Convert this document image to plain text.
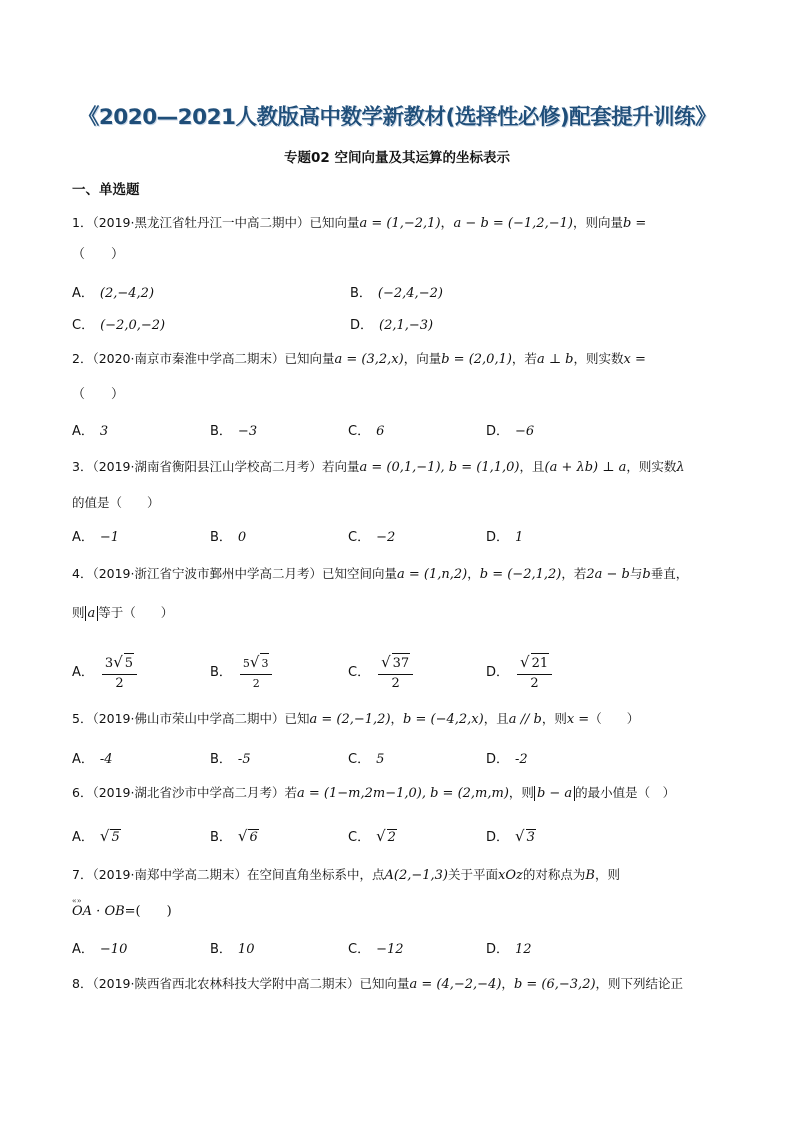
《2020—2021人教版高中数学新教材(选择性必修)配套提升训练》
专题02 空间向量及其运算的坐标表示
一、单选题
1．（2019·黑龙江省牡丹江一中高二期中）已知向量a = (1,−2,1)，a − b = (−1,2,−1)，则向量b =
（　　）
A． (2,−4,2)	B． (−2,4,−2)
C． (−2,0,−2)	D． (2,1,−3)
2．（2020·南京市秦淮中学高二期末）已知向量a = (3,2,x)，向量b = (2,0,1)，若a ⊥ b，则实数x =
（　　）
A． 3	B． −3	C． 6	D． −6
3．（2019·湖南省衡阳县江山学校高二月考）若向量a = (0,1,−1), b = (1,1,0)，且(a + λb) ⊥ a，则实数λ
的值是（　　）
A． −1	B． 0	C． −2	D． 1
4．（2019·浙江省宁波市鄞州中学高二月考）已知空间向量a = (1,n,2)，b = (−2,1,2)，若2a − b与b垂直，
则 a 等于（　　）
A． $\frac{3√ 5}{2}$	B． $\frac{5√ 3}{2}$	C． $\frac{√ 37}{2}$	D． $\frac{√ 21}{2}$
5．（2019·佛山市荣山中学高二期中）已知a = (2,−1,2)，b = (−4,2,x)，且a // b，则x =（　　）
A． -4	B． -5	C． 5	D． -2
6．（2019·湖北省沙市中学高二月考）若a = (1−m,2m−1,0), b = (2,m,m)，则 b − a 的最小值是（　）
A． √ 5	B． √ 6	C． √ 2	D． √ 3
7．（2019·南郑中学高二期末）在空间直角坐标系中，点A(2,−1,3)关于平面xOz的对称点为B，则
‹‹ ›› OA · OB=(　　)
A． −10	B． 10	C． −12	D． 12
8．（2019·陕西省西北农林科技大学附中高二期末）已知向量a = (4,−2,−4)，b = (6,−3,2)，则下列结论正
